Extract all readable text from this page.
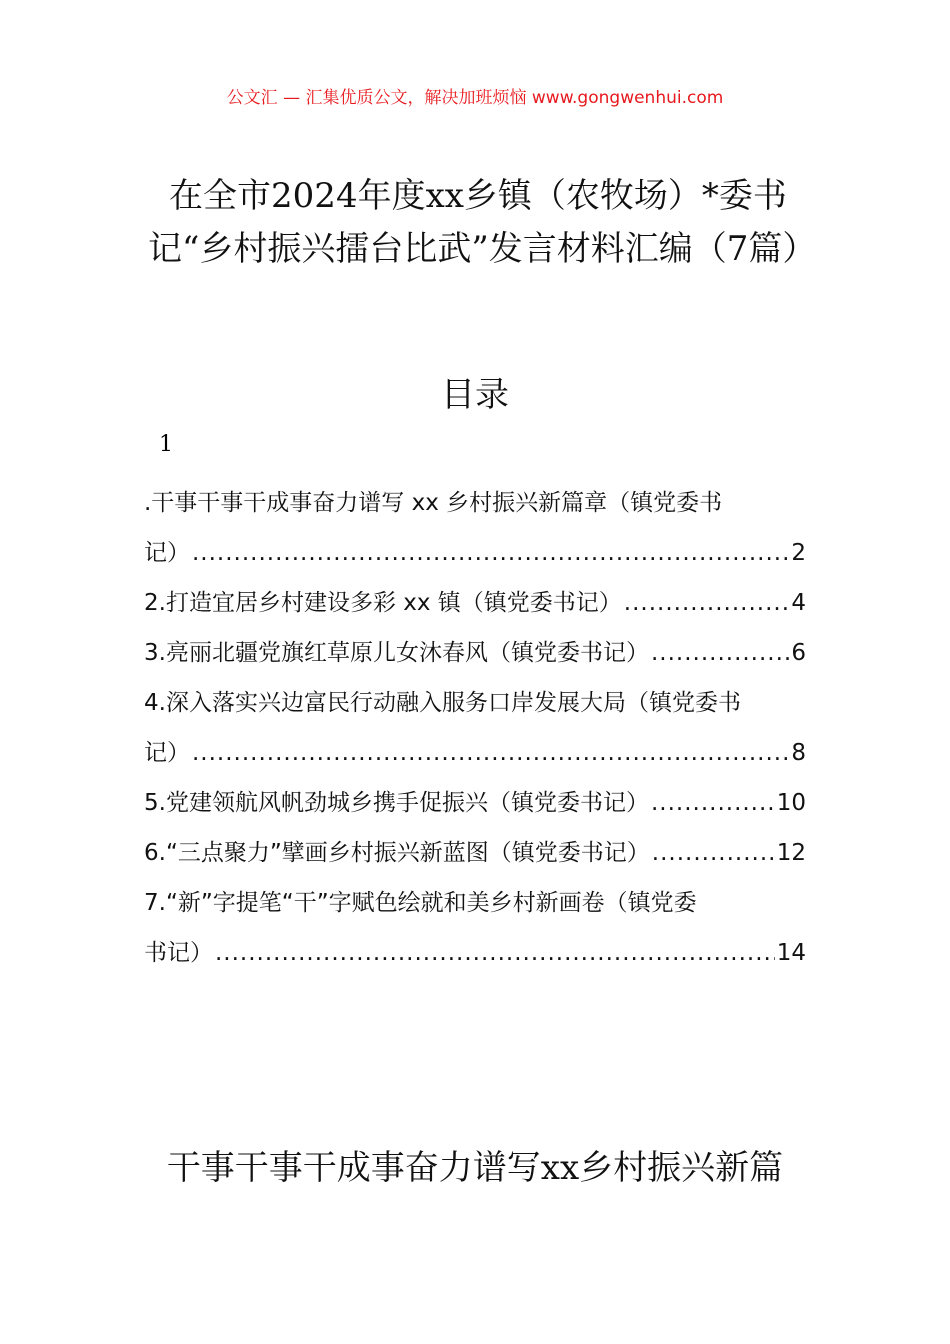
公文汇 — 汇集优质公文，解决加班烦恼 www.gongwenhui.com
在全市2024年度xx乡镇（农牧场）*委书记“乡村振兴擂台比武”发言材料汇编（7篇）
目录
1
.干事干事干成事奋力谱写 xx 乡村振兴新篇章（镇党委书
记） .....	2
2.打造宜居乡村建设多彩 xx 镇（镇党委书记） .....	4
3.亮丽北疆党旗红草原儿女沐春风（镇党委书记） .....	6
4.深入落实兴边富民行动融入服务口岸发展大局（镇党委书
记） .....	8
5.党建领航风帆劲城乡携手促振兴（镇党委书记） .....	10
6.“三点聚力”擘画乡村振兴新蓝图（镇党委书记） .....	12
7.“新”字提笔“干”字赋色绘就和美乡村新画卷（镇党委
书记） .....	14
干事干事干成事奋力谱写xx乡村振兴新篇
